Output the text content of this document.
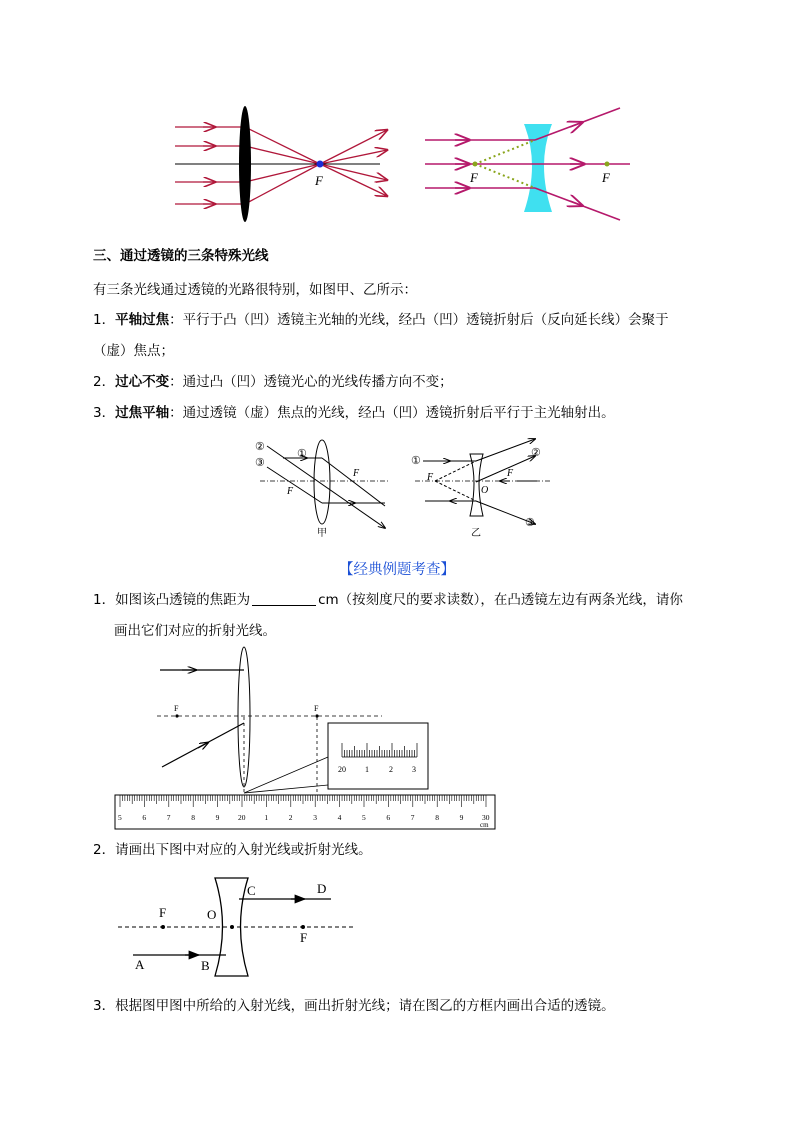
F	F	F
三、通过透镜的三条特殊光线
有三条光线通过透镜的光路很特别，如图甲、乙所示：
1．平轴过焦：平行于凸（凹）透镜主光轴的光线，经凸（凹）透镜折射后（反向延长线）会聚于
（虚）焦点；
2．过心不变：通过凸（凹）透镜光心的光线传播方向不变；
3．过焦平轴：通过透镜（虚）焦点的光线，经凸（凹）透镜折射后平行于主光轴射出。
②
①
③
F
F
甲
①
②
③
F	F
O
乙
【经典例题考查】
1．如图该凸透镜的焦距为	cm（按刻度尺的要求读数），在凸透镜左边有两条光线，请你
画出它们对应的折射光线。
F	F
20 1	2 3
5	6	7	8	9 20	1	2	3	4	5	6	7	8	9 30
cm
2．请画出下图中对应的入射光线或折射光线。
F	O
C	D
F
A	B
3．根据图甲图中所给的入射光线，画出折射光线；请在图乙的方框内画出合适的透镜。
